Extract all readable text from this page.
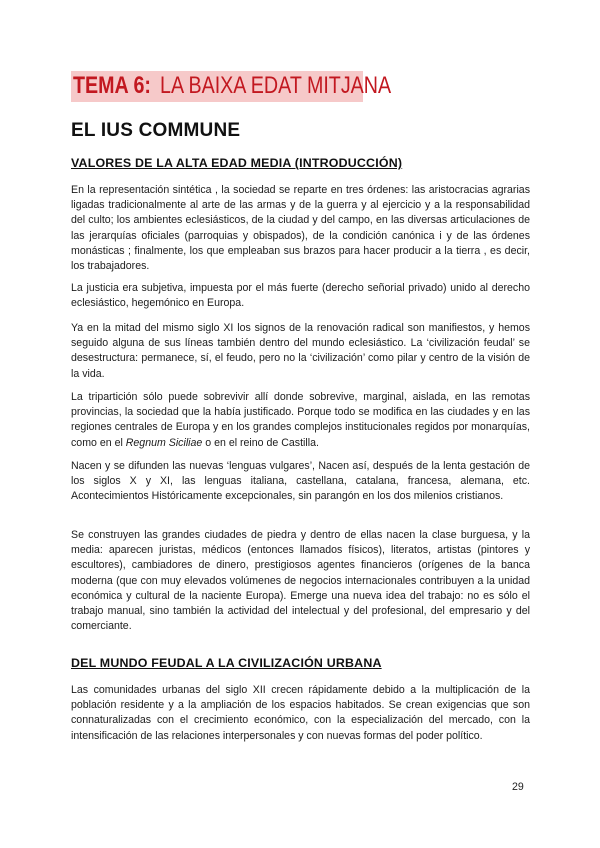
TEMA 6: LA BAIXA EDAT MITJANA
EL IUS COMMUNE
VALORES DE LA ALTA EDAD MEDIA (INTRODUCCIÓN)

En la representación sintética , la sociedad se reparte en tres órdenes: las aristocracias agrarias ligadas tradicionalmente al arte de las armas y de la guerra y al ejercicio y a la responsabilidad del culto; los ambientes eclesiásticos, de la ciudad y del campo, en las diversas articulaciones de las jerarquías oficiales (parroquias y obispados), de la condición canónica i y de las órdenes monásticas ; finalmente, los que empleaban sus brazos para hacer producir a la tierra , es decir, los trabajadores.

La justicia era subjetiva, impuesta por el más fuerte (derecho señorial privado) unido al derecho eclesiástico, hegemónico en Europa.

Ya en la mitad del mismo siglo XI los signos de la renovación radical son manifiestos, y hemos seguido alguna de sus líneas también dentro del mundo eclesiástico. La ‘civilización feudal’ se desestructura: permanece, sí, el feudo, pero no la ‘civilización’ como pilar y centro de la visión de la vida.

La tripartición sólo puede sobrevivir allí donde sobrevive, marginal, aislada, en las remotas provincias, la sociedad que la había justificado. Porque todo se modifica en las ciudades y en las regiones centrales de Europa y en los grandes complejos institucionales regidos por monarquías, como en el Regnum Siciliae o en el reino de Castilla.

Nacen y se difunden las nuevas ‘lenguas vulgares’, Nacen así, después de la lenta gestación de los siglos X y XI, las lenguas italiana, castellana, catalana, francesa, alemana, etc. Acontecimientos Históricamente excepcionales, sin parangón en los dos milenios cristianos.

Se construyen las grandes ciudades de piedra y dentro de ellas nacen la clase burguesa, y la media: aparecen juristas, médicos (entonces llamados físicos), literatos, artistas (pintores y escultores), cambiadores de dinero, prestigiosos agentes financieros (orígenes de la banca moderna (que con muy elevados volúmenes de negocios internacionales contribuyen a la unidad económica y cultural de la naciente Europa). Emerge una nueva idea del trabajo: no es sólo el trabajo manual, sino también la actividad del intelectual y del profesional, del empresario y del comerciante.

DEL MUNDO FEUDAL A LA CIVILIZACIÓN URBANA

Las comunidades urbanas del siglo XII crecen rápidamente debido a la multiplicación de la población residente y a la ampliación de los espacios habitados. Se crean exigencias que son connaturalizadas con el crecimiento económico, con la especialización del mercado, con la intensificación de las relaciones interpersonales y con nuevas formas del poder político.

29
